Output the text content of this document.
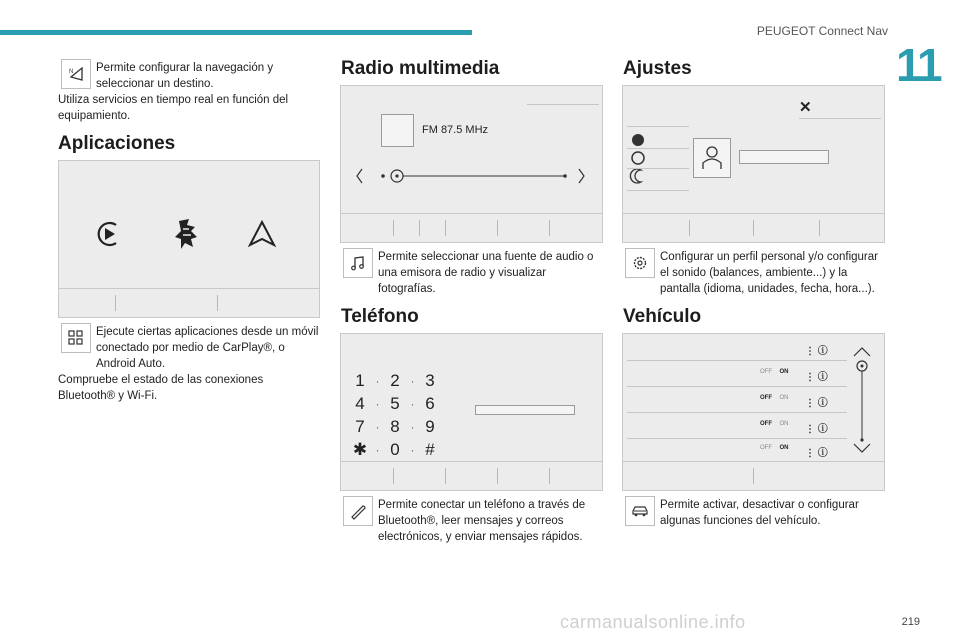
PEUGEOT Connect Nav
11
carmanualsonline.info	219
N Permite configurar la navegación y seleccionar un destino.
Utiliza servicios en tiempo real en función del equipamiento.
Aplicaciones
Ejecute ciertas aplicaciones desde un móvil conectado por medio de CarPlay®, o Android Auto.
Compruebe el estado de las conexiones Bluetooth® y Wi-Fi.
Radio multimedia
FM 87.5 MHz
Permite seleccionar una fuente de audio o una emisora de radio y visualizar fotografías.
Teléfono
1 · 2 · 3
4 · 5 · 6
7 · 8 · 9
✱ · 0 · #
Permite conectar un teléfono a través de Bluetooth®, leer mensajes y correos electrónicos, y enviar mensajes rápidos.
Ajustes
✕
Configurar un perfil personal y/o configurar el sonido (balances, ambiente...) y la pantalla (idioma, unidades, fecha, hora...).
Vehículo
⋮ ⓘ
OFF ON	⋮ ⓘ
OFF ON	⋮ ⓘ
OFF ON	⋮ ⓘ
OFF ON	⋮ ⓘ
Permite activar, desactivar o configurar algunas funciones del vehículo.
